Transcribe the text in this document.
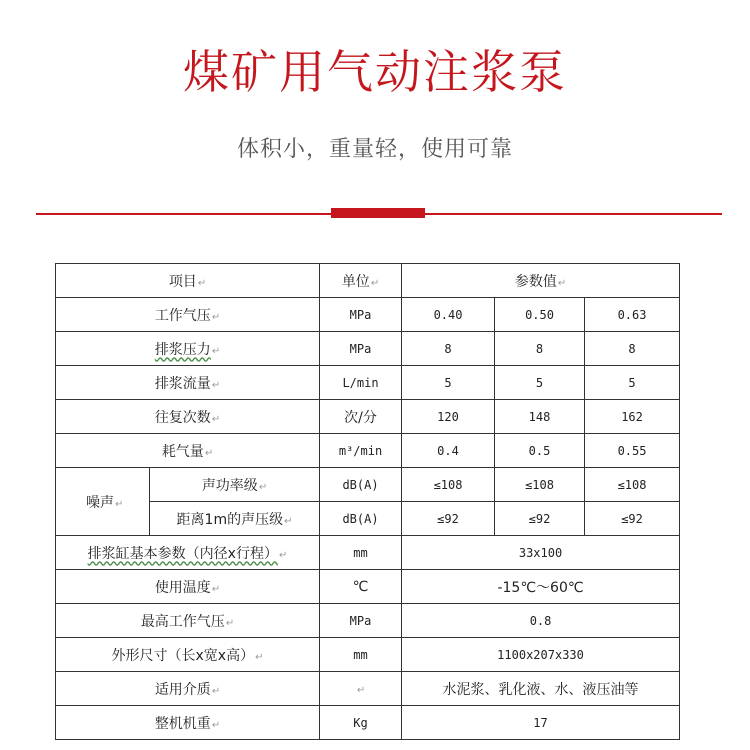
煤矿用气动注浆泵
体积小，重量轻，使用可靠
项目↵		单位↵	参数值↵		
工作气压↵		MPa	0.40	0.50	0.63
排浆压力↵		MPa	8	8	8
排浆流量↵		L/min	5	5	5
往复次数↵		次/分	120	148	162
耗气量↵		m³/min	0.4	0.5	0.55
噪声↵	声功率级↵	dB(A)	≤108	≤108	≤108
	距离1m的声压级↵	dB(A)	≤92	≤92	≤92
排浆缸基本参数（内径x行程）↵		mm	33x100		
使用温度↵		℃	-15℃～60℃		
最高工作气压↵		MPa	0.8		
外形尺寸（长x宽x高）↵		mm	1100x207x330		
适用介质↵		↵	水泥浆、乳化液、水、液压油等		
整机机重↵		Kg	17		
